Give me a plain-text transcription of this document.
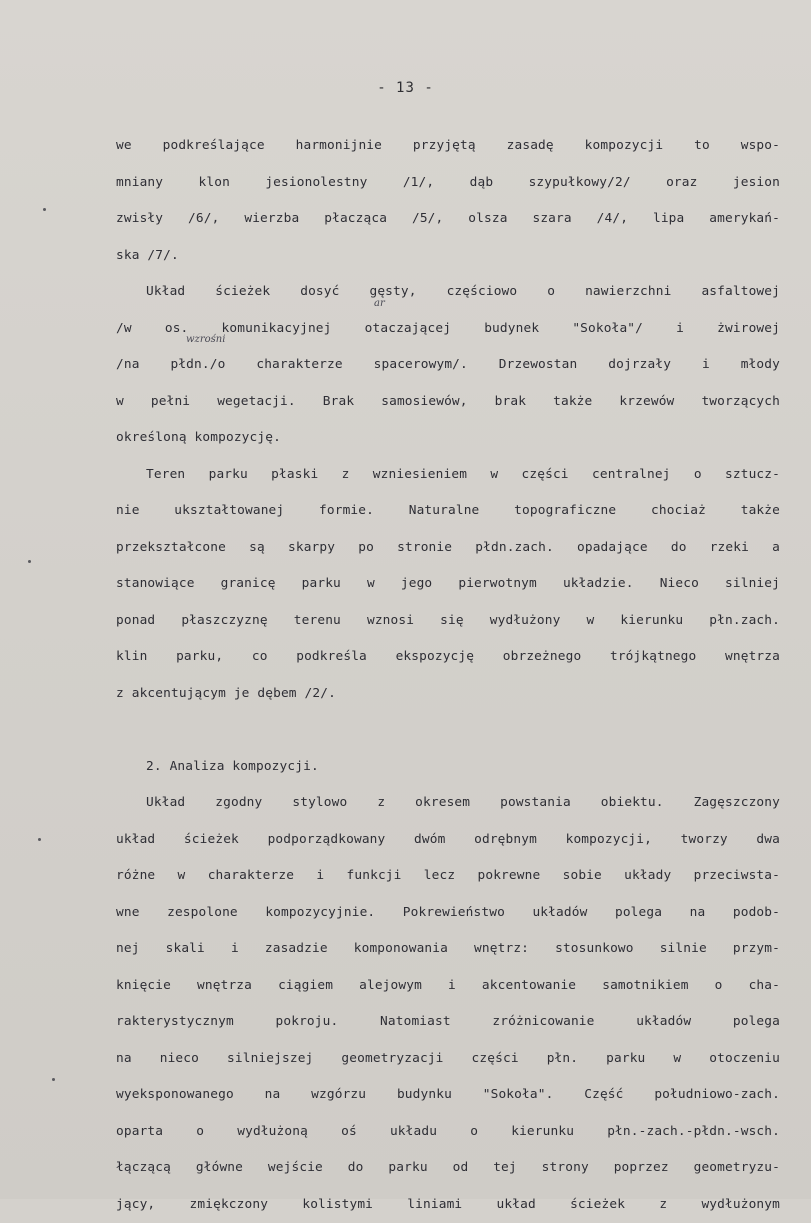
- 13 -
we podkreślające harmonijnie przyjętą zasadę kompozycji to wspo-
mniany klon jesionolestny /1/, dąb szypułkowy/2/ oraz jesion
zwisły /6/, wierzba płacząca /5/, olsza szara /4/, lipa amerykań-
ska /7/.
Układ ścieżek dosyć gęsty, częściowo o nawierzchni asfaltowej
/w os. komunikacyjnej otaczającej budynek "Sokoła"/ i żwirowej
/na płdn./o charakterze spacerowym/. Drzewostan dojrzały i młody
w pełni wegetacji. Brak samosiewów, brak także krzewów tworzących
określoną kompozycję.
Teren parku płaski z wzniesieniem w części centralnej o sztucz-
nie ukształtowanej formie. Naturalne topograficzne chociaż także
przekształcone są skarpy po stronie płdn.zach. opadające do rzeki a
stanowiące granicę parku w jego pierwotnym układzie. Nieco silniej
ponad płaszczyznę terenu wznosi się wydłużony w kierunku płn.zach.
klin parku, co podkreśla ekspozycję obrzeżnego trójkątnego wnętrza
z akcentującym je dębem /2/.
2. Analiza kompozycji.
Układ zgodny stylowo z okresem powstania obiektu. Zagęszczony
układ ścieżek podporządkowany dwóm odrębnym kompozycji, tworzy dwa
różne w charakterze i funkcji lecz pokrewne sobie układy przeciwsta-
wne zespolone kompozycyjnie. Pokrewieństwo układów polega na podob-
nej skali i zasadzie komponowania wnętrz: stosunkowo silnie przym-
knięcie wnętrza ciągiem alejowym i akcentowanie samotnikiem o cha-
rakterystycznym pokroju. Natomiast zróżnicowanie układów polega
na nieco silniejszej geometryzacji części płn. parku w otoczeniu
wyeksponowanego na wzgórzu budynku "Sokoła". Część południowo-zach.
oparta o wydłużoną oś układu o kierunku płn.-zach.-płdn.-wsch.
łączącą główne wejście do parku od tej strony poprzez geometryzu-
jący, zmiękczony kolistymi liniami układ ścieżek z wydłużonym
ar
wzrośni
